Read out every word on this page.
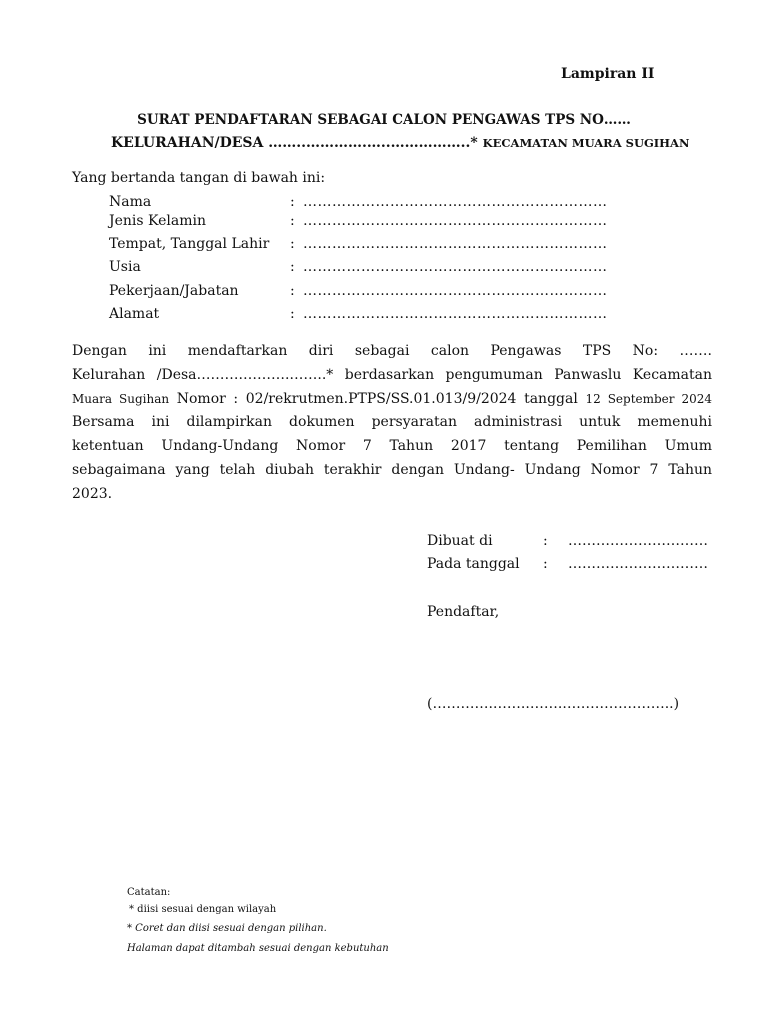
Lampiran II
SURAT PENDAFTARAN SEBAGAI CALON PENGAWAS TPS NO……
KELURAHAN/DESA ……..………….…..……………..* KECAMATAN MUARA SUGIHAN
Yang bertanda tangan di bawah ini:
Nama	: ………………………………………………………
Jenis Kelamin	: ………………………………………………………
Tempat, Tanggal Lahir : ………………………………………………………
Usia	: ………………………………………………………
Pekerjaan/Jabatan	: ………………………………………………………
Alamat	: ………………………………………………………
Dengan ini mendaftarkan diri sebagai calon Pengawas TPS No: …….
Kelurahan /Desa……….……….……..* berdasarkan pengumuman Panwaslu Kecamatan
Muara Sugihan Nomor : 02/rekrutmen.PTPS/SS.01.013/9/2024 tanggal 12 September 2024
Bersama ini dilampirkan dokumen persyaratan administrasi untuk memenuhi
ketentuan Undang-Undang Nomor 7 Tahun 2017 tentang Pemilihan Umum
sebagaimana yang telah diubah terakhir dengan Undang- Undang Nomor 7 Tahun
2023.
Dibuat di	: …………………………
Pada tanggal : …………………………
Pendaftar,
(………….……..…….….………………..)
Catatan:
* diisi sesuai dengan wilayah
* Coret dan diisi sesuai dengan pilihan.
Halaman dapat ditambah sesuai dengan kebutuhan
